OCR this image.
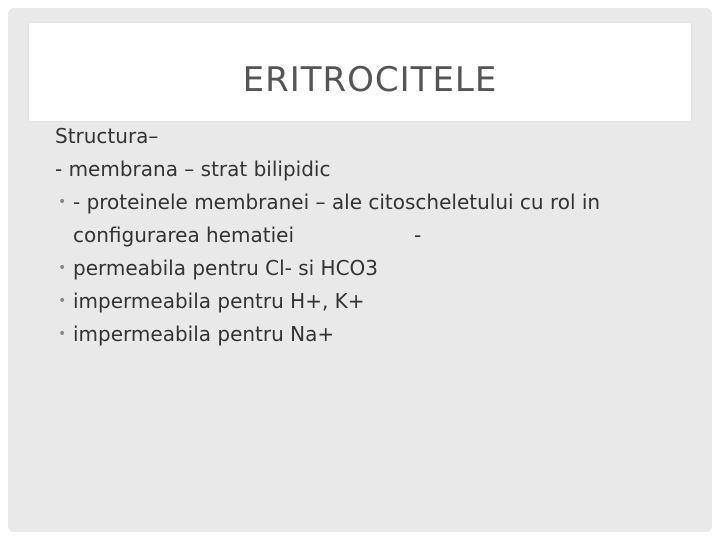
ERITROCITELE
Structura–
- membrana – strat bilipidic
• - proteinele membranei – ale citoscheletului cu rol in
configurarea hematiei	-
• permeabila pentru Cl- si HCO3
• impermeabila pentru H+, K+
• impermeabila pentru Na+
